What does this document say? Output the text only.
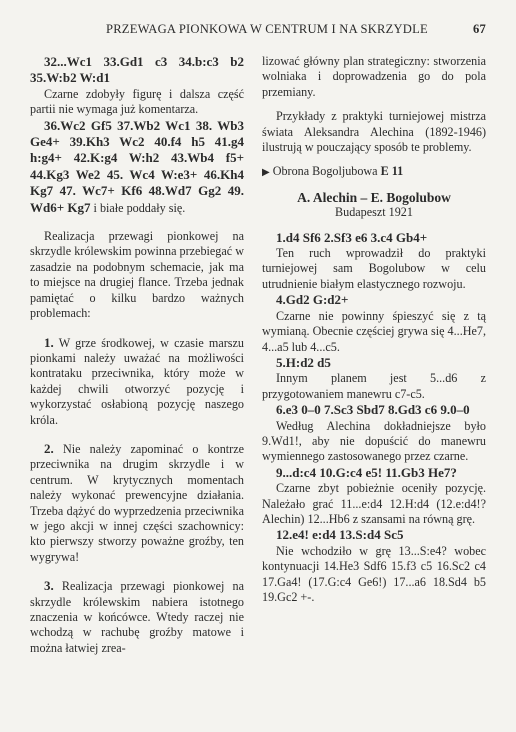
PRZEWAGA PIONKOWA W CENTRUM I NA SKRZYDLE	67

32...Wc1 33.Gd1 c3 34.b:c3 b2 35.W:b2 W:d1

Czarne zdobyły figurę i dalsza część partii nie wymaga już komentarza.

36.Wc2 Gf5 37.Wb2 Wc1 38. Wb3 Ge4+ 39.Kh3 Wc2 40.f4 h5 41.g4 h:g4+ 42.K:g4 W:h2 43.Wb4 f5+ 44.Kg3 We2 45. Wc4 W:e3+ 46.Kh4 Kg7 47. Wc7+ Kf6 48.Wd7 Gg2 49. Wd6+ Kg7 i białe poddały się.

Realizacja przewagi pionkowej na skrzydle królewskim powinna przebiegać w zasadzie na podobnym schemacie, jak ma to miejsce na drugiej flance. Trzeba jednak pamiętać o kilku bardzo ważnych problemach:

1. W grze środkowej, w czasie marszu pionkami należy uważać na możliwości kontrataku przeciwnika, który może w każdej chwili otworzyć pozycję i wykorzystać osłabioną pozycję naszego króla.

2. Nie należy zapominać o kontrze przeciwnika na drugim skrzydle i w centrum. W krytycznych momentach należy wykonać prewencyjne działania. Trzeba dążyć do wyprzedzenia przeciwnika w jego akcji w innej części szachownicy: kto pierwszy stworzy poważne groźby, ten wygrywa!

3. Realizacja przewagi pionkowej na skrzydle królewskim nabiera istotnego znaczenia w końcówce. Wtedy raczej nie wchodzą w rachubę groźby matowe i można łatwiej zrea-

lizować główny plan strategiczny: stworzenia wolniaka i doprowadzenia go do pola przemiany.

Przykłady z praktyki turniejowej mistrza świata Aleksandra Alechina (1892-1946) ilustrują w pouczający sposób te problemy.

▶ Obrona Bogoljubowa E 11

A. Alechin – E. Bogolubow

Budapeszt 1921

1.d4 Sf6 2.Sf3 e6 3.c4 Gb4+

Ten ruch wprowadził do praktyki turniejowej sam Bogolubow w celu utrudnienie białym elastycznego rozwoju.

4.Gd2 G:d2+

Czarne nie powinny śpieszyć się z tą wymianą. Obecnie częściej grywa się 4...He7, 4...a5 lub 4...c5.

5.H:d2 d5

Innym planem jest 5...d6 z przygotowaniem manewru c7-c5.

6.e3 0–0 7.Sc3 Sbd7 8.Gd3 c6 9.0–0

Według Alechina dokładniejsze było 9.Wd1!, aby nie dopuścić do manewru wymiennego zastosowanego przez czarne.

9...d:c4 10.G:c4 e5! 11.Gb3 He7?

Czarne zbyt pobieżnie oceniły pozycję. Należało grać 11...e:d4 12.H:d4 (12.e:d4!? Alechin) 12...Hb6 z szansami na równą grę.

12.e4! e:d4 13.S:d4 Sc5

Nie wchodziło w grę 13...S:e4? wobec kontynuacji 14.He3 Sdf6 15.f3 c5 16.Sc2 c4 17.Ga4! (17.G:c4 Ge6!) 17...a6 18.Sd4 b5 19.Gc2 +-.
